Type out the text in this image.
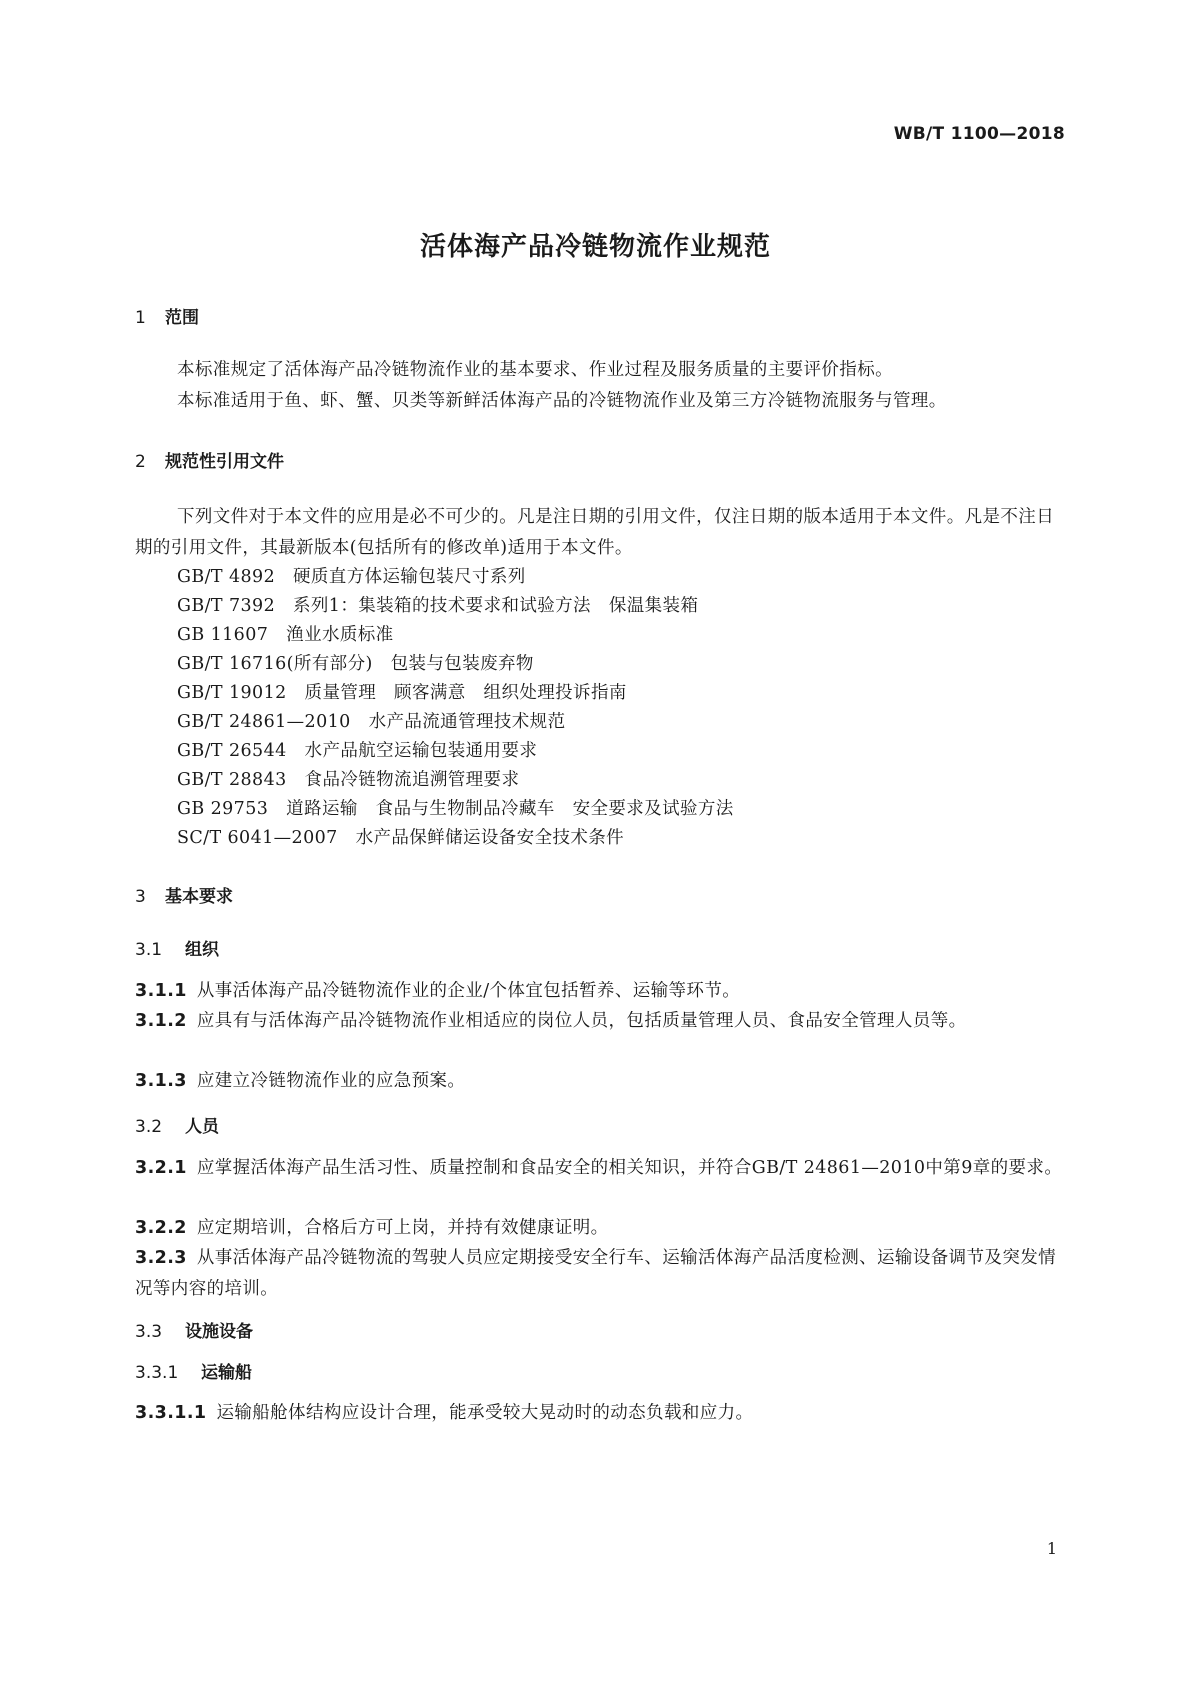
WB/T 1100—2018
活体海产品冷链物流作业规范
1 范围
本标准规定了活体海产品冷链物流作业的基本要求、作业过程及服务质量的主要评价指标。
本标准适用于鱼、虾、蟹、贝类等新鲜活体海产品的冷链物流作业及第三方冷链物流服务与管理。
2 规范性引用文件
下列文件对于本文件的应用是必不可少的。凡是注日期的引用文件，仅注日期的版本适用于本文件。凡是不注日期的引用文件，其最新版本(包括所有的修改单)适用于本文件。
GB/T 4892　硬质直方体运输包装尺寸系列
GB/T 7392　系列1：集装箱的技术要求和试验方法　保温集装箱
GB 11607　渔业水质标准
GB/T 16716(所有部分)　包装与包装废弃物
GB/T 19012　质量管理　顾客满意　组织处理投诉指南
GB/T 24861—2010　水产品流通管理技术规范
GB/T 26544　水产品航空运输包装通用要求
GB/T 28843　食品冷链物流追溯管理要求
GB 29753　道路运输　食品与生物制品冷藏车　安全要求及试验方法
SC/T 6041—2007　水产品保鲜储运设备安全技术条件
3 基本要求
3.1 组织
3.1.1 从事活体海产品冷链物流作业的企业/个体宜包括暂养、运输等环节。
3.1.2 应具有与活体海产品冷链物流作业相适应的岗位人员，包括质量管理人员、食品安全管理人员等。
3.1.3 应建立冷链物流作业的应急预案。
3.2 人员
3.2.1 应掌握活体海产品生活习性、质量控制和食品安全的相关知识，并符合GB/T 24861—2010中第9章的要求。
3.2.2 应定期培训，合格后方可上岗，并持有效健康证明。
3.2.3 从事活体海产品冷链物流的驾驶人员应定期接受安全行车、运输活体海产品活度检测、运输设备调节及突发情况等内容的培训。
3.3 设施设备
3.3.1 运输船
3.3.1.1 运输船舱体结构应设计合理，能承受较大晃动时的动态负载和应力。
1
